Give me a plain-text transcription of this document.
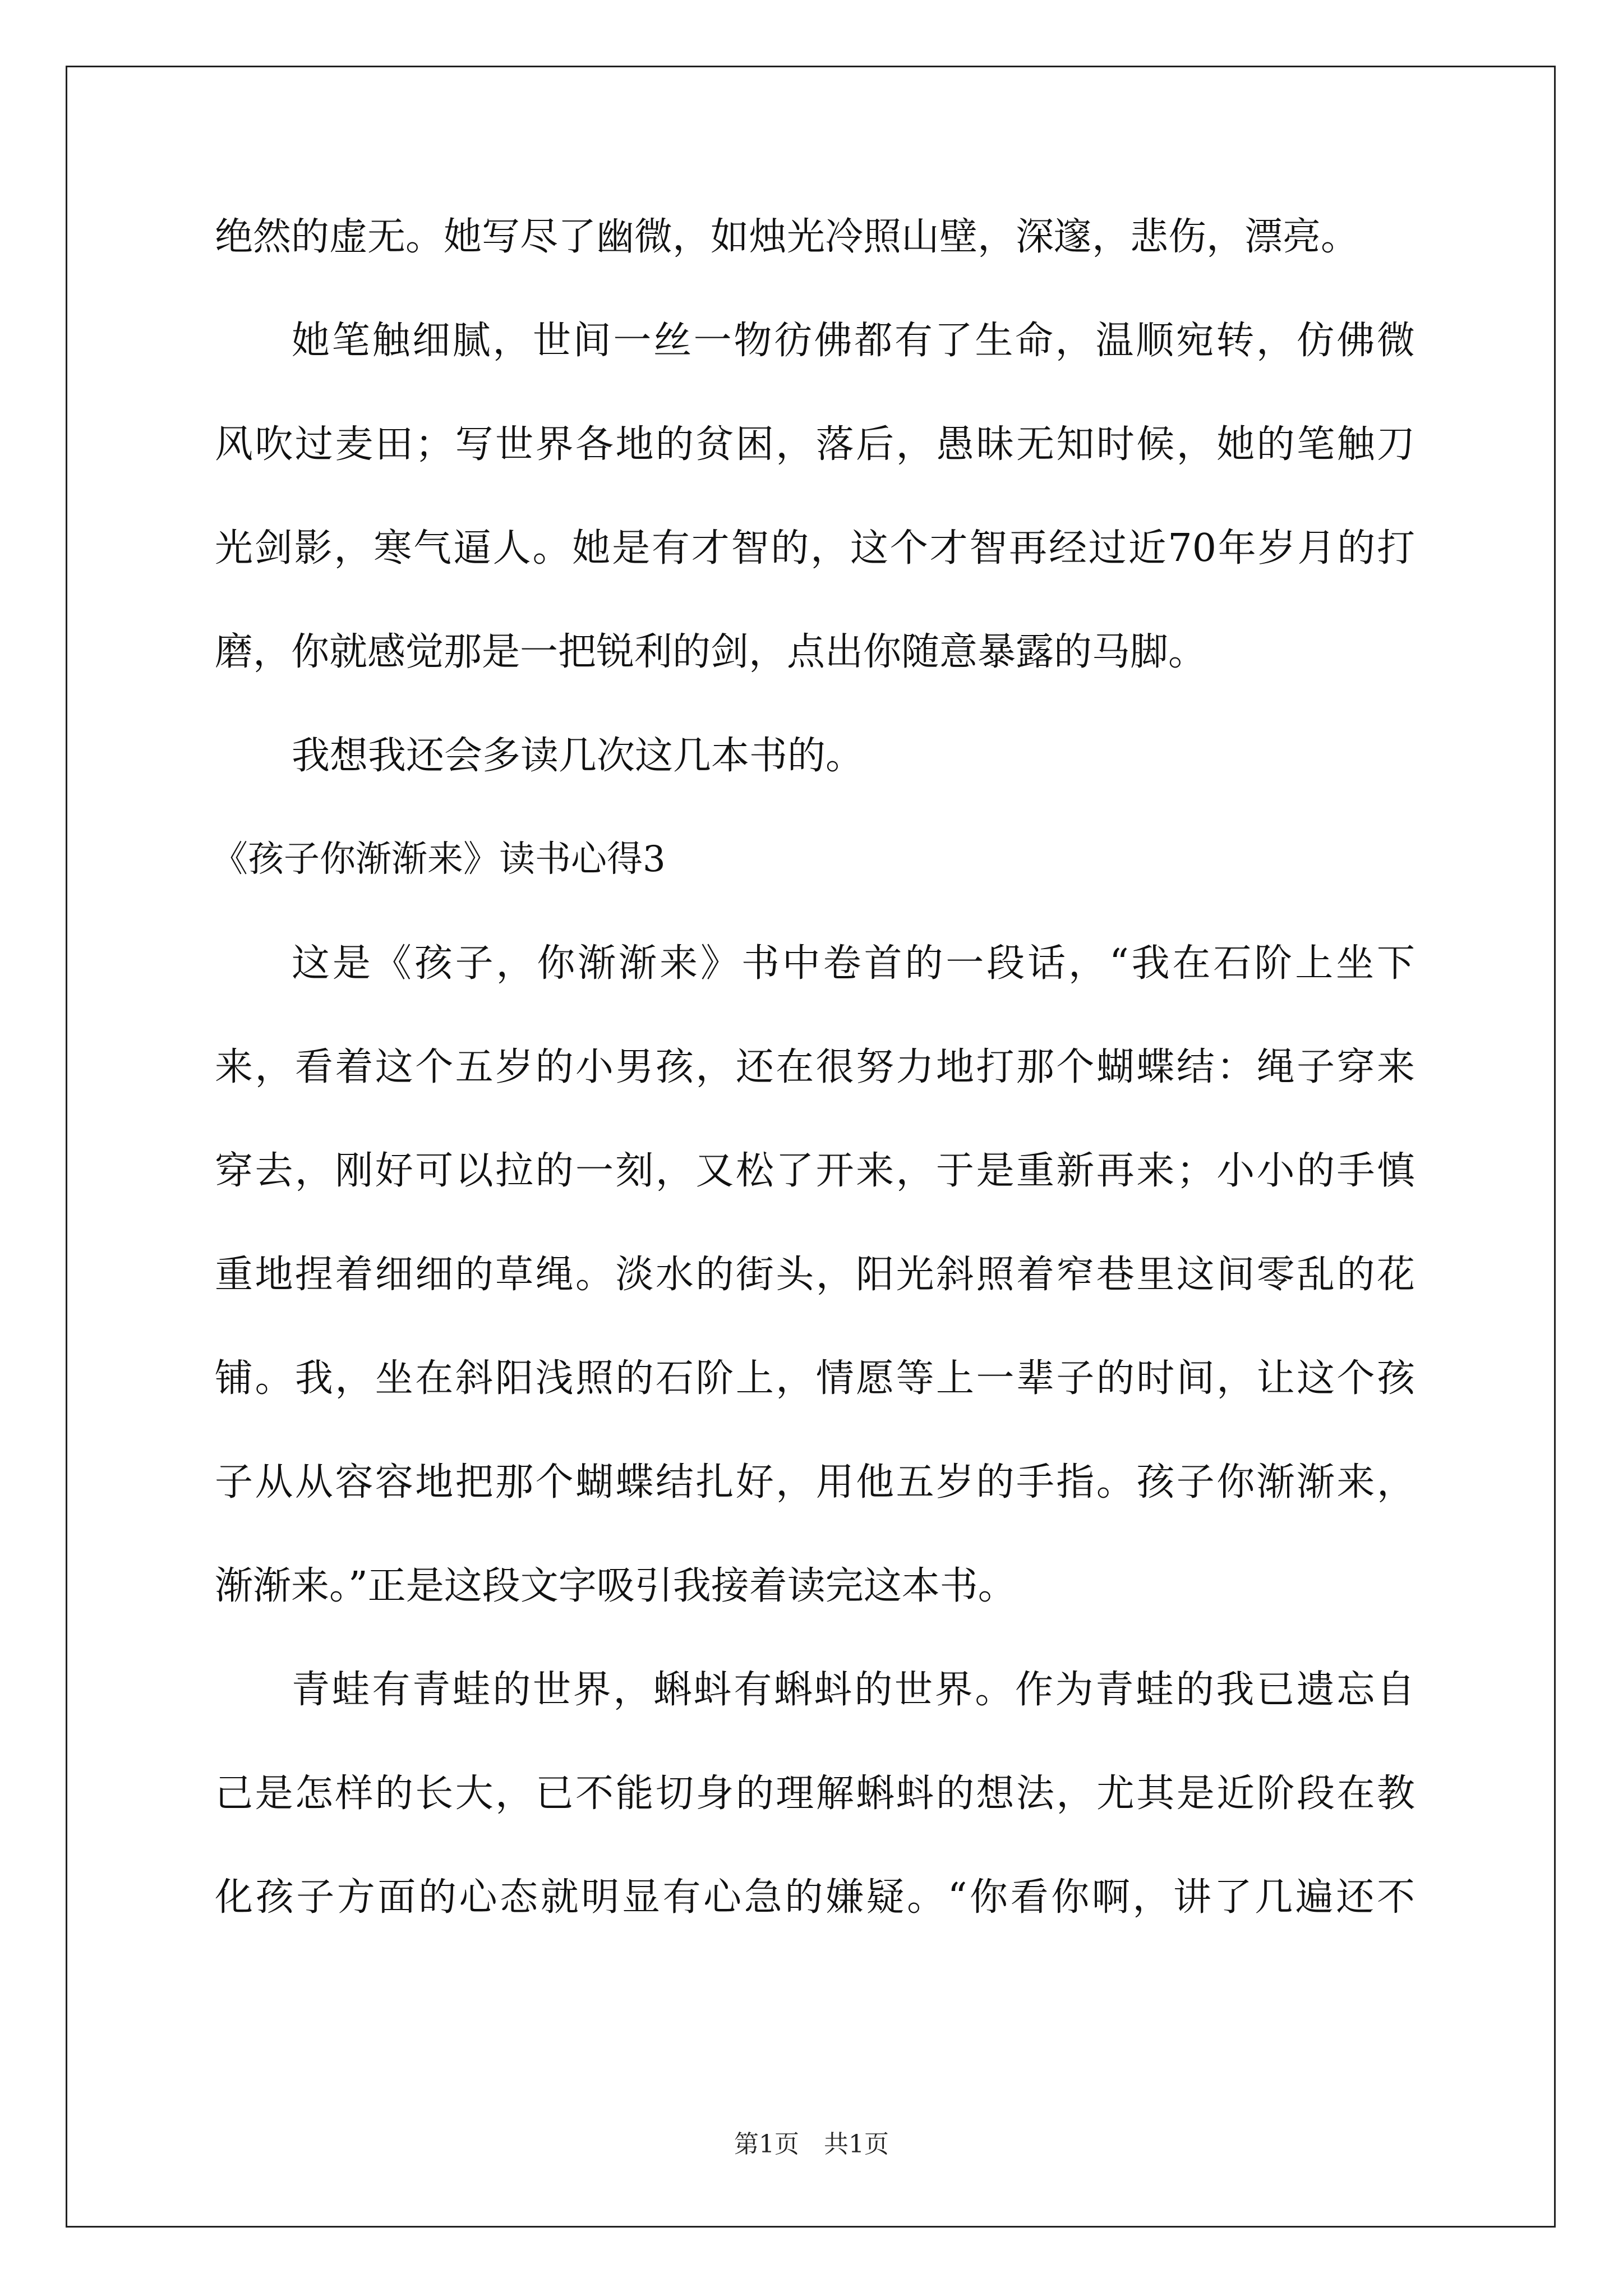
绝然的虚无。她写尽了幽微，如烛光冷照山壁，深邃，悲伤，漂亮。

她笔触细腻，世间一丝一物彷佛都有了生命，温顺宛转，仿佛微

风吹过麦田；写世界各地的贫困，落后，愚昧无知时候，她的笔触刀

光剑影，寒气逼人。她是有才智的，这个才智再经过近70年岁月的打

磨，你就感觉那是一把锐利的剑，点出你随意暴露的马脚。

我想我还会多读几次这几本书的。

《孩子你渐渐来》读书心得3

这是《孩子，你渐渐来》书中卷首的一段话，“我在石阶上坐下

来，看着这个五岁的小男孩，还在很努力地打那个蝴蝶结：绳子穿来

穿去，刚好可以拉的一刻，又松了开来，于是重新再来；小小的手慎

重地捏着细细的草绳。淡水的街头，阳光斜照着窄巷里这间零乱的花

铺。我，坐在斜阳浅照的石阶上，情愿等上一辈子的时间，让这个孩

子从从容容地把那个蝴蝶结扎好，用他五岁的手指。孩子你渐渐来，

渐渐来。”正是这段文字吸引我接着读完这本书。

青蛙有青蛙的世界，蝌蚪有蝌蚪的世界。作为青蛙的我已遗忘自

己是怎样的长大，已不能切身的理解蝌蚪的想法，尤其是近阶段在教

化孩子方面的心态就明显有心急的嫌疑。“你看你啊，讲了几遍还不

第1页　共1页
